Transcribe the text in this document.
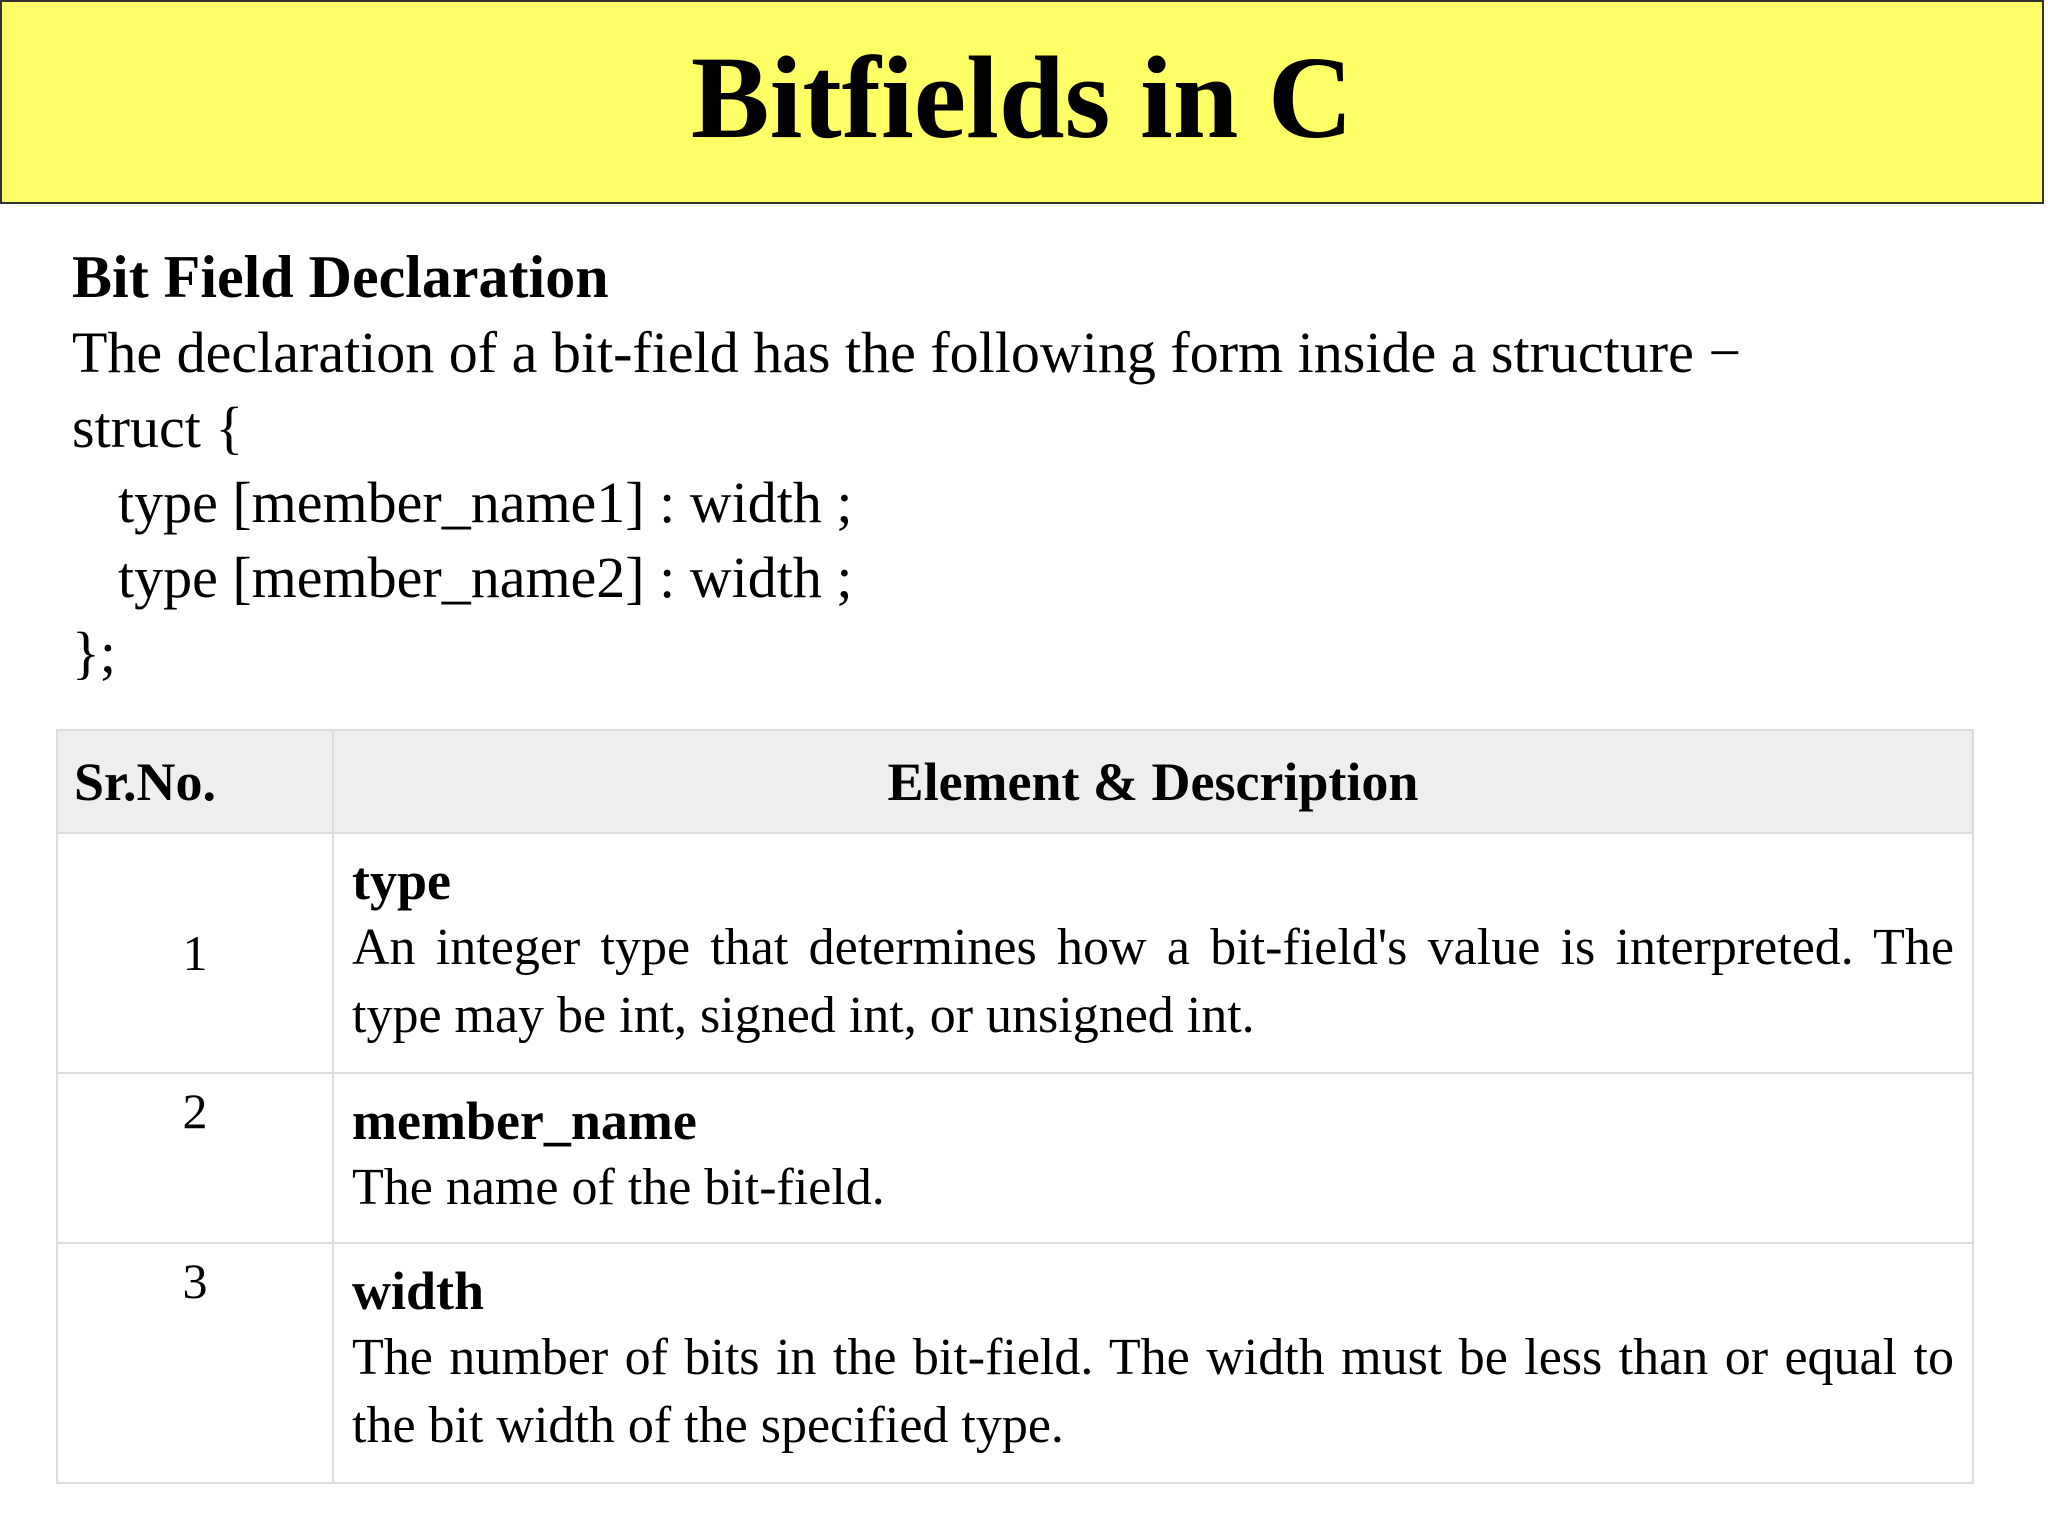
Bitfields in C
Bit Field Declaration
The declaration of a bit-field has the following form inside a structure −
struct {
type [member_name1] : width ;
type [member_name2] : width ;
};
Sr.No.	Element & Description
1	type
An integer type that determines how a bit-field's value is interpreted. The type may be int, signed int, or unsigned int.

2	member_name
The name of the bit-field.

3	width
The number of bits in the bit-field. The width must be less than or equal to the bit width of the specified type.
